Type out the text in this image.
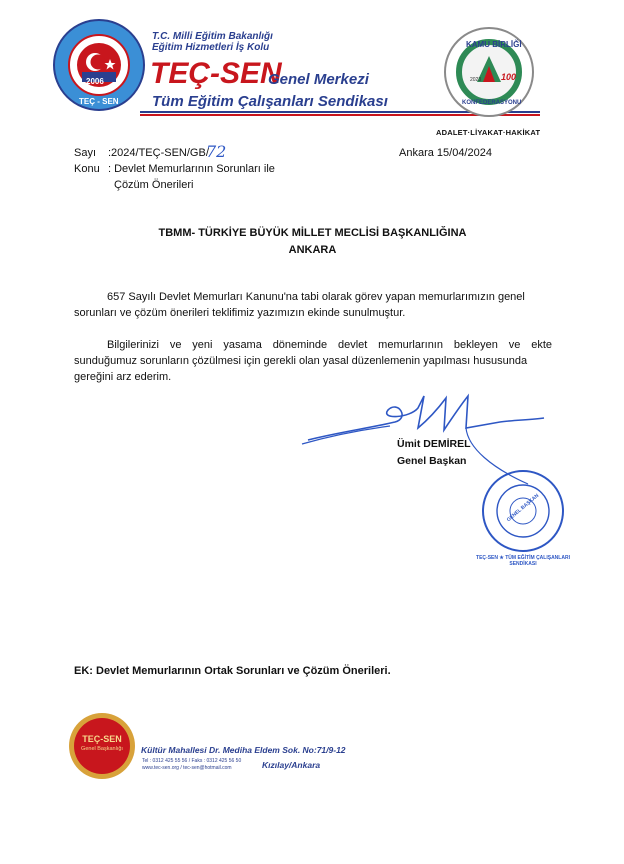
2006
TEÇ - SEN
T.C. Milli Eğitim Bakanlığı
Eğitim Hizmetleri İş Kolu
TEÇ-SEN
Genel Merkezi
Tüm Eğitim Çalışanları Sendikası
KAMU BİRLİĞİ
100
2023
KONFEDERASYONU
ADALET·LİYAKAT·HAKİKAT
Sayı :2024/TEÇ-SEN/GB/
72	Ankara 15/04/2024
Konu : Devlet Memurlarının Sorunları ile
Çözüm Önerileri
TBMM- TÜRKİYE BÜYÜK MİLLET MECLİSİ BAŞKANLIĞINA
ANKARA
657 Sayılı Devlet Memurları Kanunu'na tabi olarak görev yapan memurlarımızın genel
sorunları ve çözüm önerileri teklifimiz yazımızın ekinde sunulmuştur.
Bilgilerinizi ve yeni yasama döneminde devlet memurlarının bekleyen ve ekte
sunduğumuz sorunların çözülmesi için gerekli olan yasal düzenlemenin yapılması hususunda
gereğini arz ederim.
Ümit DEMİREL
Genel Başkan
GENEL BAŞKAN
TEÇ-SEN ★ TÜM EĞİTİM ÇALIŞANLARI SENDİKASI
EK: Devlet Memurlarının Ortak Sorunları ve Çözüm Önerileri.
TEÇ-SEN
Genel Başkanlığı	Kültür Mahallesi Dr. Mediha Eldem Sok. No:71/9-12
Tel : 0312 425 55 56 / Faks : 0312 425 56 50
www.tec-sen.org / tec-sen@hotmail.com	Kızılay/Ankara
